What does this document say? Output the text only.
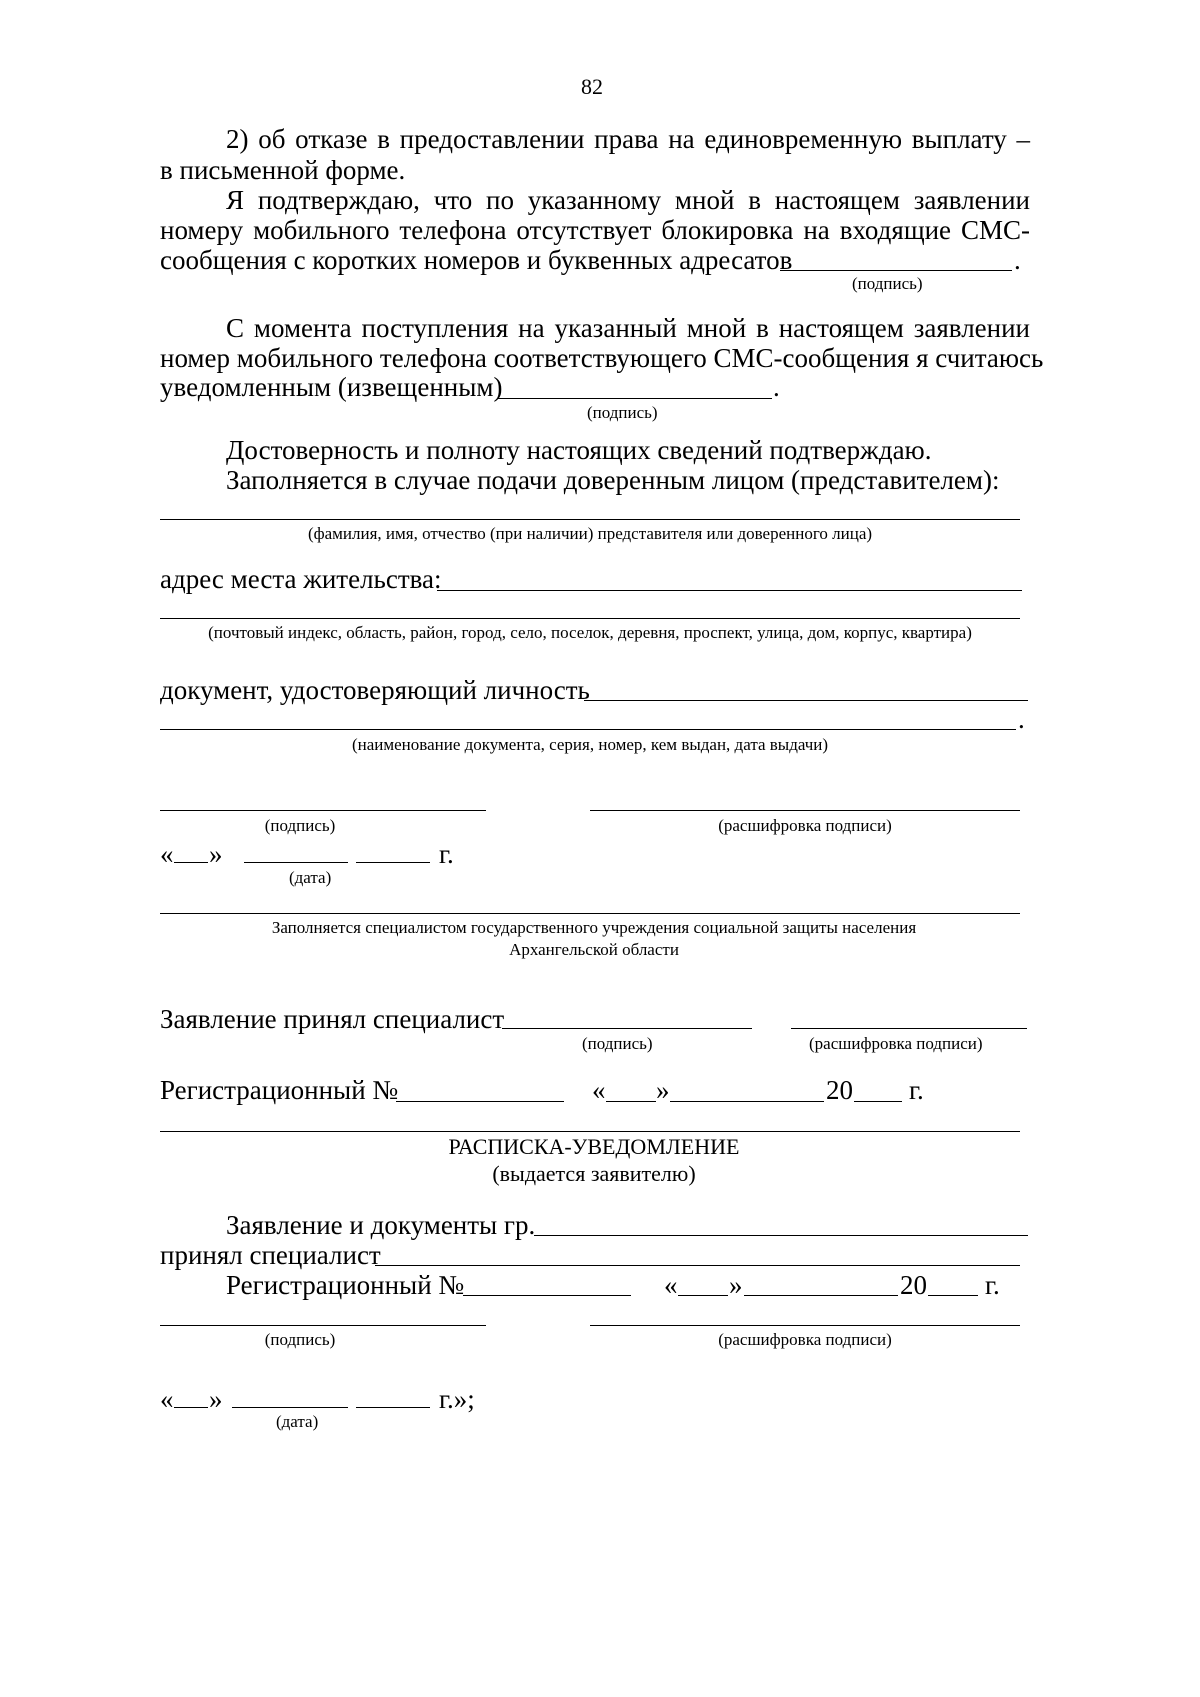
82
2) об отказе в предоставлении права на единовременную выплату –
в письменной форме.
Я подтверждаю, что по указанному мной в настоящем заявлении
номеру мобильного телефона отсутствует блокировка на входящие СМС-
сообщения с коротких номеров и буквенных адресатов	.
(подпись)
С момента поступления на указанный мной в настоящем заявлении
номер мобильного телефона соответствующего СМС-сообщения я считаюсь
уведомленным (извещенным)	.
(подпись)
Достоверность и полноту настоящих сведений подтверждаю.
Заполняется в случае подачи доверенным лицом (представителем):
(фамилия, имя, отчество (при наличии) представителя или доверенного лица)
адрес места жительства:
(почтовый индекс, область, район, город, село, поселок, деревня, проспект, улица, дом, корпус, квартира)
документ, удостоверяющий личность
.
(наименование документа, серия, номер, кем выдан, дата выдачи)
(подпись)	(расшифровка подписи)
« »	г.
(дата)
Заполняется специалистом государственного учреждения социальной защиты населения
Архангельской области
Заявление принял специалист
(подпись)	(расшифровка подписи)
Регистрационный №	« »	20 г.
РАСПИСКА-УВЕДОМЛЕНИЕ
(выдается заявителю)
Заявление и документы гр.
принял специалист
Регистрационный №	« »	20 г.
(подпись)	(расшифровка подписи)
« »	г.»;
(дата)
